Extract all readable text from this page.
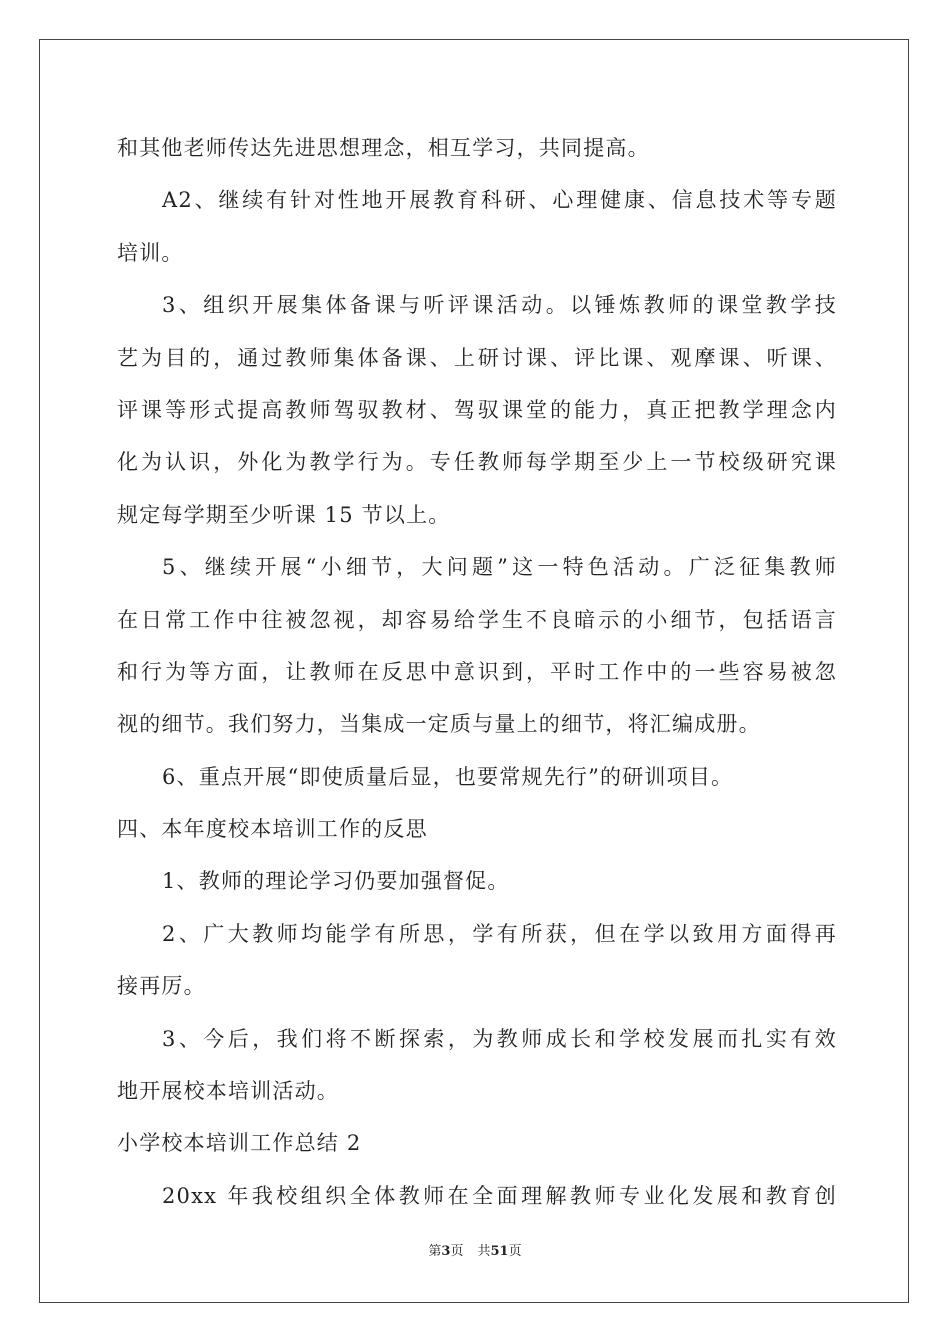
和其他老师传达先进思想理念，相互学习，共同提高。
A2、继续有针对性地开展教育科研、心理健康、信息技术等专题
培训。
3、组织开展集体备课与听评课活动。以锤炼教师的课堂教学技
艺为目的，通过教师集体备课、上研讨课、评比课、观摩课、听课、
评课等形式提高教师驾驭教材、驾驭课堂的能力，真正把教学理念内
化为认识，外化为教学行为。专任教师每学期至少上一节校级研究课
规定每学期至少听课 15 节以上。
5、继续开展“小细节，大问题”这一特色活动。广泛征集教师
在日常工作中往被忽视，却容易给学生不良暗示的小细节，包括语言
和行为等方面，让教师在反思中意识到，平时工作中的一些容易被忽
视的细节。我们努力，当集成一定质与量上的细节，将汇编成册。
6、重点开展“即使质量后显，也要常规先行”的研训项目。
四、本年度校本培训工作的反思
1、教师的理论学习仍要加强督促。
2、广大教师均能学有所思，学有所获，但在学以致用方面得再
接再厉。
3、今后，我们将不断探索，为教师成长和学校发展而扎实有效
地开展校本培训活动。
小学校本培训工作总结 2
20xx 年我校组织全体教师在全面理解教师专业化发展和教育创
第3页 共51页
